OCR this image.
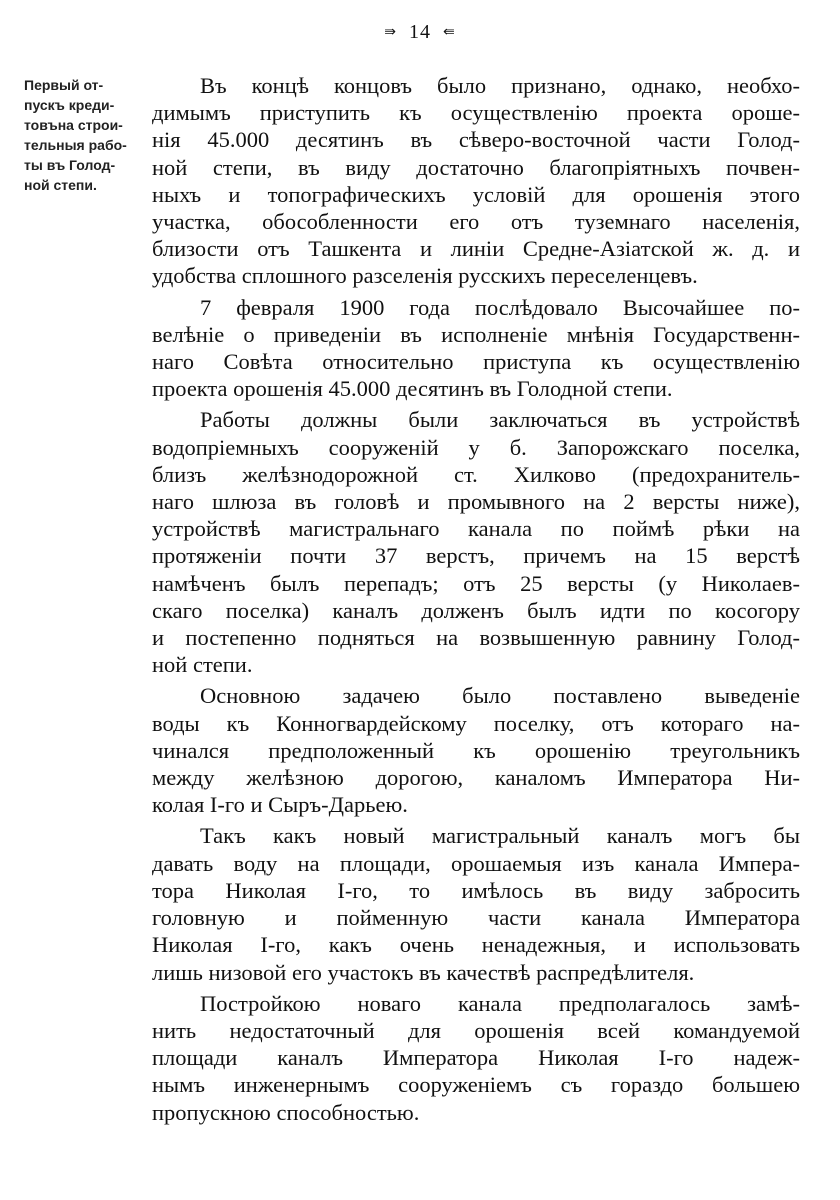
⇛ 14 ⇚
Первый от-
пускъ креди-
товъна строи-
тельныя рабо-
ты въ Голод-
ной степи.
Въ концѣ концовъ было признано, однако, необхо-
димымъ приступить къ осуществленію проекта ороше-
нія 45.000 десятинъ въ сѣверо-восточной части Голод-
ной степи, въ виду достаточно благопріятныхъ почвен-
ныхъ и топографическихъ условій для орошенія этого
участка, обособленности его отъ туземнаго населенія,
близости отъ Ташкента и линіи Средне-Азіатской ж. д. и
удобства сплошного разселенія русскихъ переселенцевъ.
7 февраля 1900 года послѣдовало Высочайшее по-
велѣніе о приведеніи въ исполненіе мнѣнія Государственн-
наго Совѣта относительно приступа къ осуществленію
проекта орошенія 45.000 десятинъ въ Голодной степи.
Работы должны были заключаться въ устройствѣ
водопріемныхъ сооруженій у б. Запорожскаго поселка,
близъ желѣзнодорожной ст. Хилково (предохранитель-
наго шлюза въ головѣ и промывного на 2 версты ниже),
устройствѣ магистральнаго канала по поймѣ рѣки на
протяженіи почти 37 верстъ, причемъ на 15 верстѣ
намѣченъ былъ перепадъ; отъ 25 версты (у Николаев-
скаго поселка) каналъ долженъ былъ идти по косогору
и постепенно подняться на возвышенную равнину Голод-
ной степи.
Основною задачею было поставлено выведеніе
воды къ Конногвардейскому поселку, отъ котораго на-
чинался предположенный къ орошенію треугольникъ
между желѣзною дорогою, каналомъ Императора Ни-
колая I-го и Сыръ-Дарьею.
Такъ какъ новый магистральный каналъ могъ бы
давать воду на площади, орошаемыя изъ канала Импера-
тора Николая I-го, то имѣлось въ виду забросить
головную и пойменную части канала Императора
Николая I-го, какъ очень ненадежныя, и использовать
лишь низовой его участокъ въ качествѣ распредѣлителя.
Постройкою новаго канала предполагалось замѣ-
нить недостаточный для орошенія всей командуемой
площади каналъ Императора Николая I-го надеж-
нымъ инженернымъ сооруженіемъ съ гораздо большею
пропускною способностью.
